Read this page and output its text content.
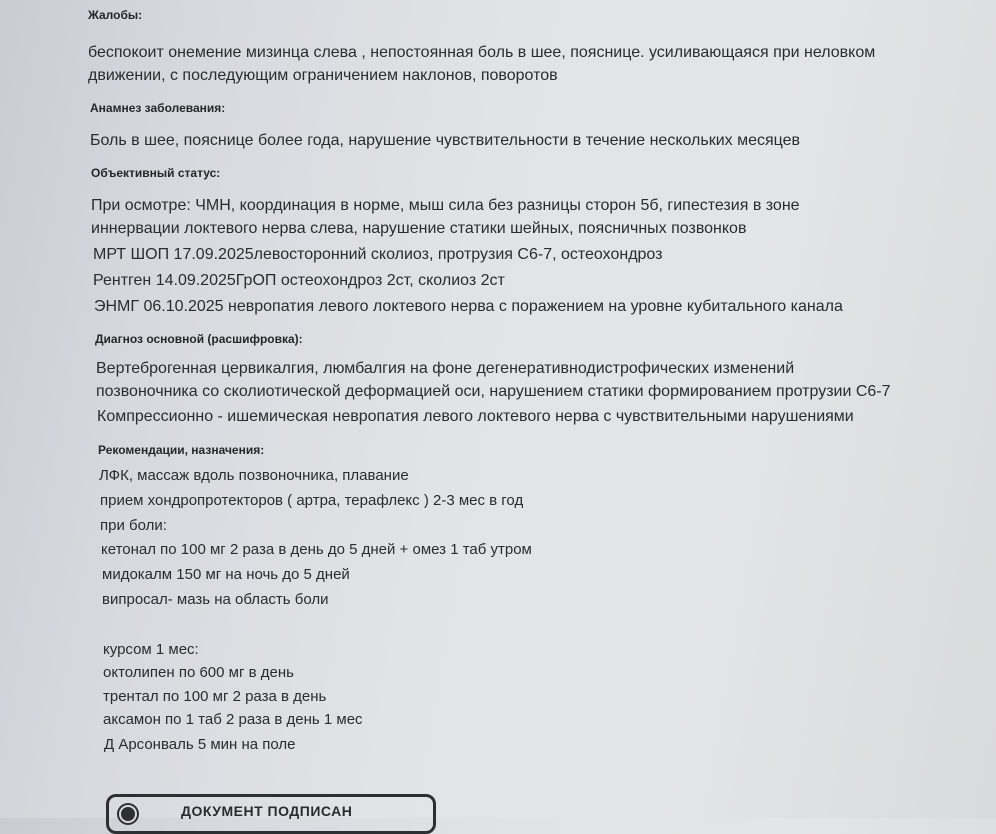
Жалобы:
беспокоит онемение мизинца слева , непостоянная боль в шее, пояснице. усиливающаяся при неловком
движении, с последующим ограничением наклонов, поворотов
Анамнез заболевания:
Боль в шее, пояснице более года, нарушение чувствительности в течение нескольких месяцев
Объективный статус:
При осмотре: ЧМН, координация в норме, мыш сила без разницы сторон 5б, гипестезия в зоне
иннервации локтевого нерва слева, нарушение статики шейных, поясничных позвонков
МРТ ШОП 17.09.2025левосторонний сколиоз, протрузия С6-7, остеохондроз
Рентген 14.09.2025ГрОП остеохондроз 2ст, сколиоз 2ст
ЭНМГ 06.10.2025 невропатия левого локтевого нерва с поражением на уровне кубитального канала
Диагноз основной (расшифровка):
Вертеброгенная цервикалгия, люмбалгия на фоне дегенеративнодистрофических изменений
позвоночника со сколиотической деформацией оси, нарушением статики формированием протрузии С6-7
Компрессионно - ишемическая невропатия левого локтевого нерва с чувствительными нарушениями
Рекомендации, назначения:
ЛФК, массаж вдоль позвоночника, плавание
прием хондропротекторов ( артра, терафлекс ) 2-3 мес в год
при боли:
кетонал по 100 мг 2 раза в день до 5 дней + омез 1 таб утром
мидокалм 150 мг на ночь до 5 дней
випросал- мазь на область боли
курсом 1 мес:
октолипен по 600 мг в день
трентал по 100 мг 2 раза в день
аксамон по 1 таб 2 раза в день 1 мес
Д Арсонваль 5 мин на поле
ДОКУМЕНТ ПОДПИСАН
